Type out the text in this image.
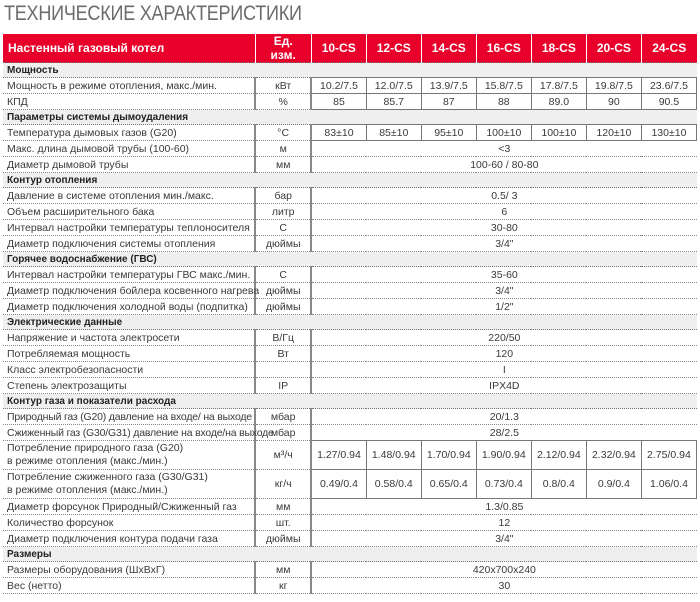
ТЕХНИЧЕСКИЕ ХАРАКТЕРИСТИКИ
Настенный газовый котел	Ед. изм.	10-CS	12-CS	14-CS	16-CS	18-CS	20-CS	24-CS
Мощность								
Мощность в режиме отопления, макс./мин.	кВт	10.2/7.5	12.0/7.5	13.9/7.5	15.8/7.5	17.8/7.5	19.8/7.5	23.6/7.5
КПД	%	85	85.7	87	88	89.0	90	90.5
Параметры системы дымоудаления								
Температура дымовых газов (G20)	°C	83±10	85±10	95±10	100±10	100±10	120±10	130±10
Макс. длина дымовой трубы (100-60)	м	<3						
Диаметр дымовой трубы	мм	100-60 / 80-80						
Контур отопления								
Давление в системе отопления мин./макс.	бар	0.5/ 3						
Объем расширительного бака	литр	6						
Интервал настройки температуры теплоносителя	С	30-80						
Диаметр подключения системы отопления	дюймы	3/4"						
Горячее водоснабжение (ГВС)								
Интервал настройки температуры ГВС макс./мин.	С	35-60						
Диаметр подключения бойлера косвенного нагрева	дюймы	3/4"						
Диаметр подключения холодной воды (подпитка)	дюймы	1/2"						
Электрические данные								
Напряжение и частота электросети	В/Гц	220/50						
Потребляемая мощность	Вт	120						
Класс электробезопасности		I						
Степень электрозащиты	IP	IPX4D						
Контур газа и показатели расхода								
Природный газ (G20) давление на входе/ на выходе	мбар	20/1.3						
Сжиженный газ (G30/G31) давление на входе/на выходе	мбар	28/2.5						
Потребление природного газа (G20)
в режиме отопления (макс./мин.)	м³/ч	1.27/0.94	1.48/0.94	1.70/0.94	1.90/0.94	2.12/0.94	2.32/0.94	2.75/0.94
Потребление сжиженного газа (G30/G31)
в режиме отопления (макс./мин.)	кг/ч	0.49/0.4	0.58/0.4	0.65/0.4	0.73/0.4	0.8/0.4	0.9/0.4	1.06/0.4
Диаметр форсунок Природный/Сжиженный газ	мм	1.3/0.85						
Количество форсунок	шт.	12						
Диаметр подключения контура подачи газа	дюймы	3/4"						
Размеры								
Размеры оборудования (ШхВхГ)	мм	420x700x240						
Вес (нетто)	кг	30						
